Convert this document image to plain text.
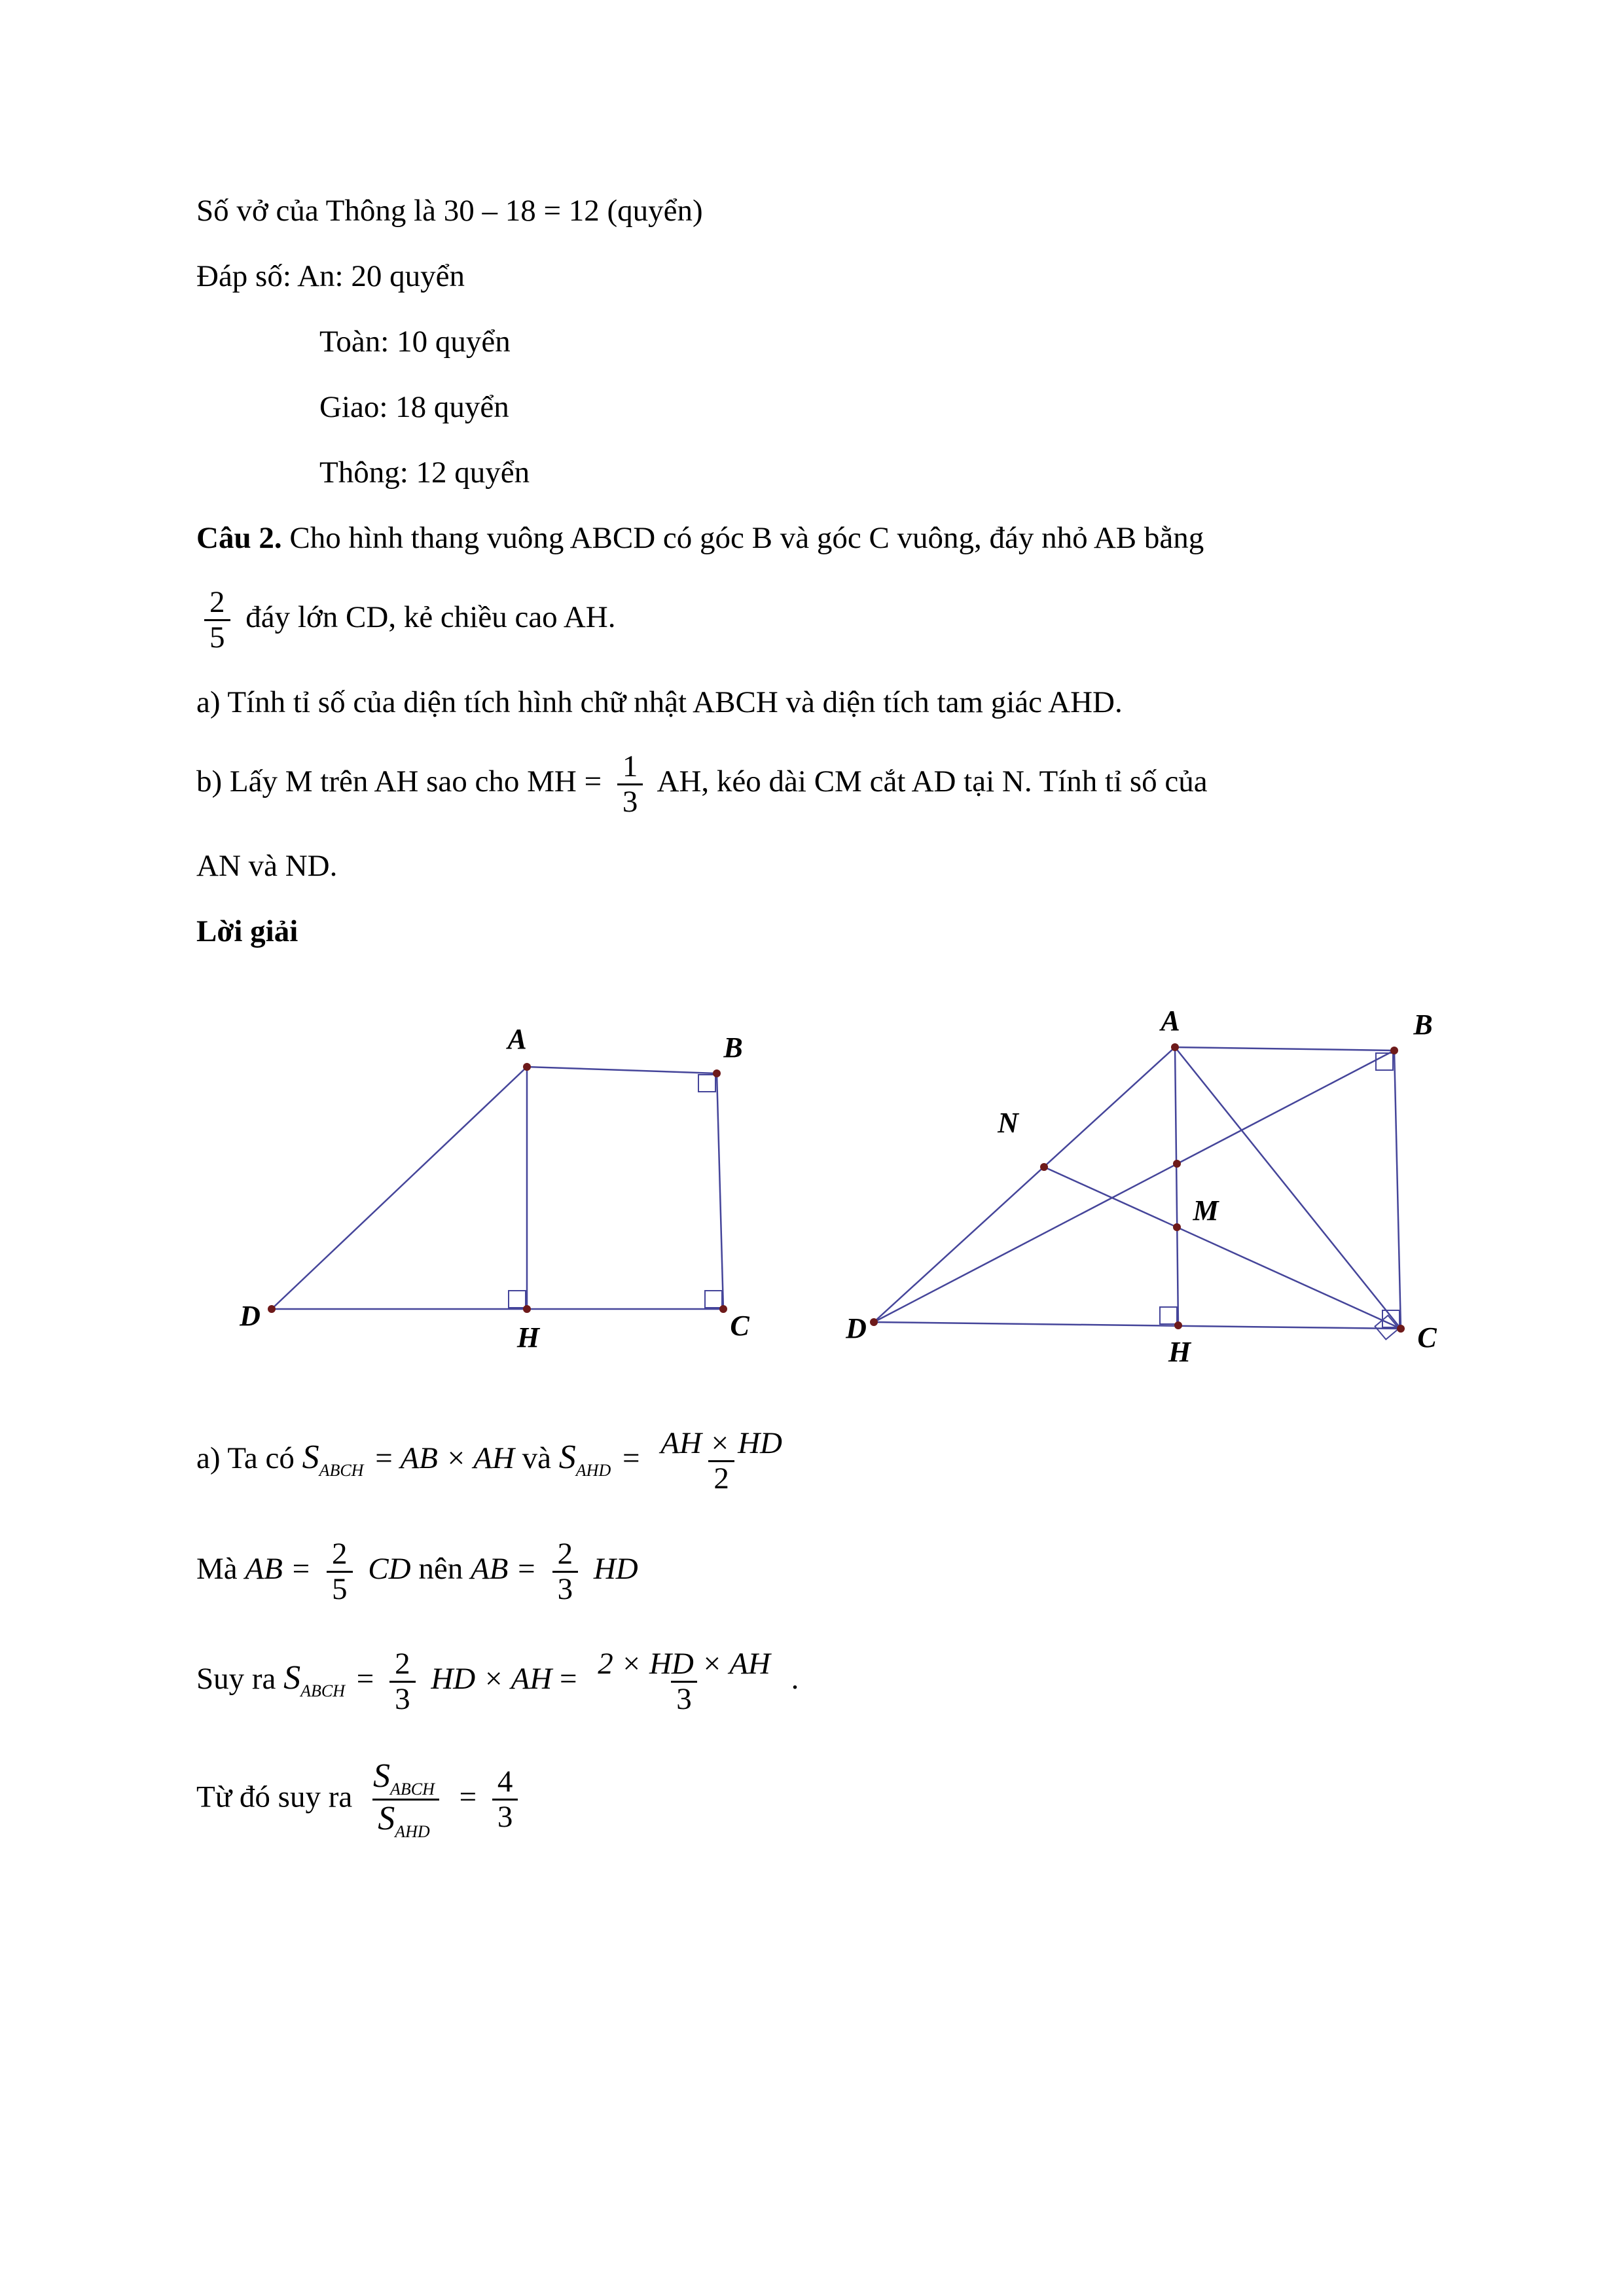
Số vở của Thông là 30 – 18 = 12 (quyển)

Đáp số: An: 20 quyển

Toàn: 10 quyển

Giao: 18 quyển

Thông: 12 quyển

Câu 2. Cho hình thang vuông ABCD có góc B và góc C vuông, đáy nhỏ AB bằng

$\frac{2}{5}$ đáy lớn CD, kẻ chiều cao AH.

a) Tính tỉ số của diện tích hình chữ nhật ABCH và diện tích tam giác AHD.

b) Lấy M trên AH sao cho MH = $\frac{1}{3}$ AH, kéo dài CM cắt AD tại N. Tính tỉ số của

AN và ND.

Lời giải

A	B
C
D
H
A	B
C
D
H
M
N
a) Ta có $S_{ABCH}$ = AB × AH và $S_{AHD} = \frac{AH \times HD}{2}$
Mà AB = $\frac{2}{5}$ CD nên AB = $\frac{2}{3}$ HD
Suy ra $S_{ABCH} = \frac{2}{3}$ HD × AH = $\frac{2 \times HD \times AH}{3}$ .
Từ đó suy ra $\frac{S_{ABCH}}{S_{AHD}} = \frac{4}{3}$
